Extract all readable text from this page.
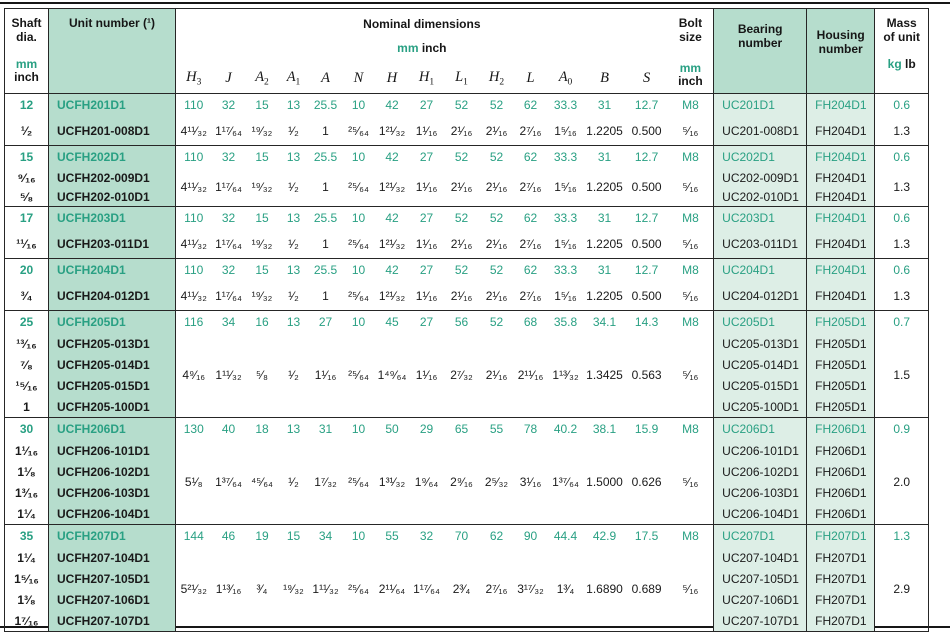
Shaft
dia.
mm
inch	Unit number (¹)	Nominal dimensions
mm inch														Bolt
size
mm
inch	Bearing
number	Housing
number	Mass
of unit
kg lb

		$H_3$	J	$A_2$	$A_1$	A	N	H	$H_1$	$L_1$	$H_2$	L	$A_0$	B	S				
12	UCFH201D1	110	32	15	13	25.5	10	42	27	52	52	62	33.3	31	12.7	M8	UC201D1	FH204D1	0.6
¹⁄₂	UCFH201-008D1	4¹¹⁄₃₂	1¹⁷⁄₆₄	¹⁹⁄₃₂	¹⁄₂	1	²⁵⁄₆₄	1²¹⁄₃₂	1¹⁄₁₆	2¹⁄₁₆	2¹⁄₁₆	2⁷⁄₁₆	1⁵⁄₁₆	1.2205	0.500	⁵⁄₁₆	UC201-008D1	FH204D1	1.3
15	UCFH202D1	110	32	15	13	25.5	10	42	27	52	52	62	33.3	31	12.7	M8	UC202D1	FH204D1	0.6
⁹⁄₁₆	UCFH202-009D1	4¹¹⁄₃₂	1¹⁷⁄₆₄	¹⁹⁄₃₂	¹⁄₂	1	²⁵⁄₆₄	1²¹⁄₃₂	1¹⁄₁₆	2¹⁄₁₆	2¹⁄₁₆	2⁷⁄₁₆	1⁵⁄₁₆	1.2205	0.500	⁵⁄₁₆	UC202-009D1	FH204D1	1.3
⁵⁄₈	UCFH202-010D1																UC202-010D1	FH204D1	
17	UCFH203D1	110	32	15	13	25.5	10	42	27	52	52	62	33.3	31	12.7	M8	UC203D1	FH204D1	0.6
¹¹⁄₁₆	UCFH203-011D1	4¹¹⁄₃₂	1¹⁷⁄₆₄	¹⁹⁄₃₂	¹⁄₂	1	²⁵⁄₆₄	1²¹⁄₃₂	1¹⁄₁₆	2¹⁄₁₆	2¹⁄₁₆	2⁷⁄₁₆	1⁵⁄₁₆	1.2205	0.500	⁵⁄₁₆	UC203-011D1	FH204D1	1.3
20	UCFH204D1	110	32	15	13	25.5	10	42	27	52	52	62	33.3	31	12.7	M8	UC204D1	FH204D1	0.6
³⁄₄	UCFH204-012D1	4¹¹⁄₃₂	1¹⁷⁄₆₄	¹⁹⁄₃₂	¹⁄₂	1	²⁵⁄₆₄	1²¹⁄₃₂	1¹⁄₁₆	2¹⁄₁₆	2¹⁄₁₆	2⁷⁄₁₆	1⁵⁄₁₆	1.2205	0.500	⁵⁄₁₆	UC204-012D1	FH204D1	1.3
25	UCFH205D1	116	34	16	13	27	10	45	27	56	52	68	35.8	34.1	14.3	M8	UC205D1	FH205D1	0.7
¹³⁄₁₆	UCFH205-013D1	4⁹⁄₁₆	1¹¹⁄₃₂	⁵⁄₈	¹⁄₂	1¹⁄₁₆	²⁵⁄₆₄	1⁴⁹⁄₆₄	1¹⁄₁₆	2⁷⁄₃₂	2¹⁄₁₆	2¹¹⁄₁₆	1¹³⁄₃₂	1.3425	0.563	⁵⁄₁₆	UC205-013D1	FH205D1	1.5
⁷⁄₈	UCFH205-014D1																UC205-014D1	FH205D1	
¹⁵⁄₁₆	UCFH205-015D1																UC205-015D1	FH205D1	
1	UCFH205-100D1																UC205-100D1	FH205D1	
30	UCFH206D1	130	40	18	13	31	10	50	29	65	55	78	40.2	38.1	15.9	M8	UC206D1	FH206D1	0.9
1¹⁄₁₆	UCFH206-101D1	5¹⁄₈	1³⁷⁄₆₄	⁴⁵⁄₆₄	¹⁄₂	1⁷⁄₃₂	²⁵⁄₆₄	1³¹⁄₃₂	1⁹⁄₆₄	2⁹⁄₁₆	2⁵⁄₃₂	3¹⁄₁₆	1³⁷⁄₆₄	1.5000	0.626	⁵⁄₁₆	UC206-101D1	FH206D1	2.0
1¹⁄₈	UCFH206-102D1																UC206-102D1	FH206D1	
1³⁄₁₆	UCFH206-103D1																UC206-103D1	FH206D1	
1¹⁄₄	UCFH206-104D1																UC206-104D1	FH206D1	
35	UCFH207D1	144	46	19	15	34	10	55	32	70	62	90	44.4	42.9	17.5	M8	UC207D1	FH207D1	1.3
1¹⁄₄	UCFH207-104D1	5²¹⁄₃₂	1¹³⁄₁₆	³⁄₄	¹⁹⁄₃₂	1¹¹⁄₃₂	²⁵⁄₆₄	2¹¹⁄₆₄	1¹⁷⁄₆₄	2³⁄₄	2⁷⁄₁₆	3¹⁷⁄₃₂	1³⁄₄	1.6890	0.689	⁵⁄₁₆	UC207-104D1	FH207D1	2.9
1⁵⁄₁₆	UCFH207-105D1																UC207-105D1	FH207D1	
1³⁄₈	UCFH207-106D1																UC207-106D1	FH207D1	
1⁷⁄₁₆	UCFH207-107D1																UC207-107D1	FH207D1	
